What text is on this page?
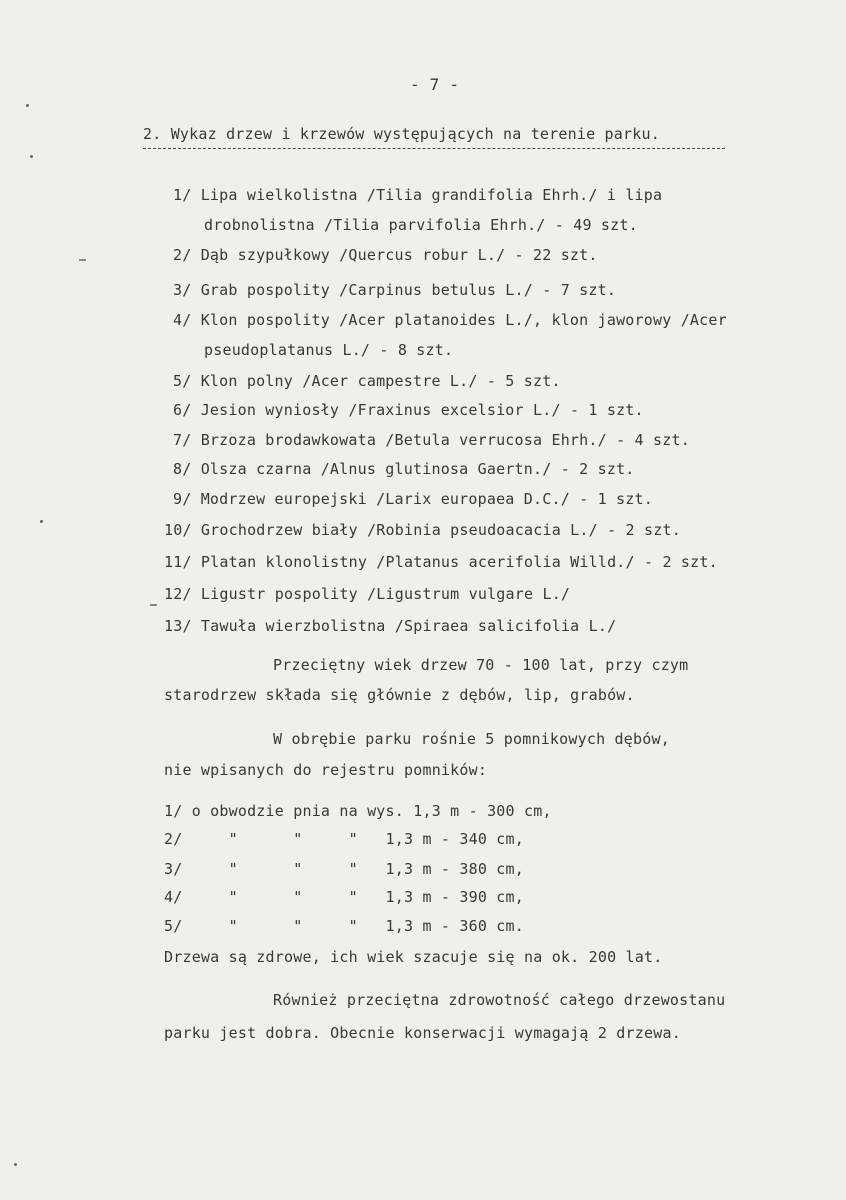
- 7 -
2. Wykaz drzew i krzewów występujących na terenie parku.
1/ Lipa wielkolistna /Tilia grandifolia Ehrh./ i lipa
drobnolistna /Tilia parvifolia Ehrh./ - 49 szt.
2/ Dąb szypułkowy /Quercus robur L./ - 22 szt.
3/ Grab pospolity /Carpinus betulus L./ - 7 szt.
4/ Klon pospolity /Acer platanoides L./, klon jaworowy /Acer
pseudoplatanus L./ - 8 szt.
5/ Klon polny /Acer campestre L./ - 5 szt.
6/ Jesion wyniosły /Fraxinus excelsior L./ - 1 szt.
7/ Brzoza brodawkowata /Betula verrucosa Ehrh./ - 4 szt.
8/ Olsza czarna /Alnus glutinosa Gaertn./ - 2 szt.
9/ Modrzew europejski /Larix europaea D.C./ - 1 szt.
10/ Grochodrzew biały /Robinia pseudoacacia L./ - 2 szt.
11/ Platan klonolistny /Platanus acerifolia Willd./ - 2 szt.
12/ Ligustr pospolity /Ligustrum vulgare L./
13/ Tawuła wierzbolistna /Spiraea salicifolia L./
Przeciętny wiek drzew 70 - 100 lat, przy czym
starodrzew składa się głównie z dębów, lip, grabów.
W obrębie parku rośnie 5 pomnikowych dębów,
nie wpisanych do rejestru pomników:
1/ o obwodzie pnia na wys. 1,3 m - 300 cm,
2/     "      "     "   1,3 m - 340 cm,
3/     "      "     "   1,3 m - 380 cm,
4/     "      "     "   1,3 m - 390 cm,
5/     "      "     "   1,3 m - 360 cm.
Drzewa są zdrowe, ich wiek szacuje się na ok. 200 lat.
Również przeciętna zdrowotność całego drzewostanu
parku jest dobra. Obecnie konserwacji wymagają 2 drzewa.
